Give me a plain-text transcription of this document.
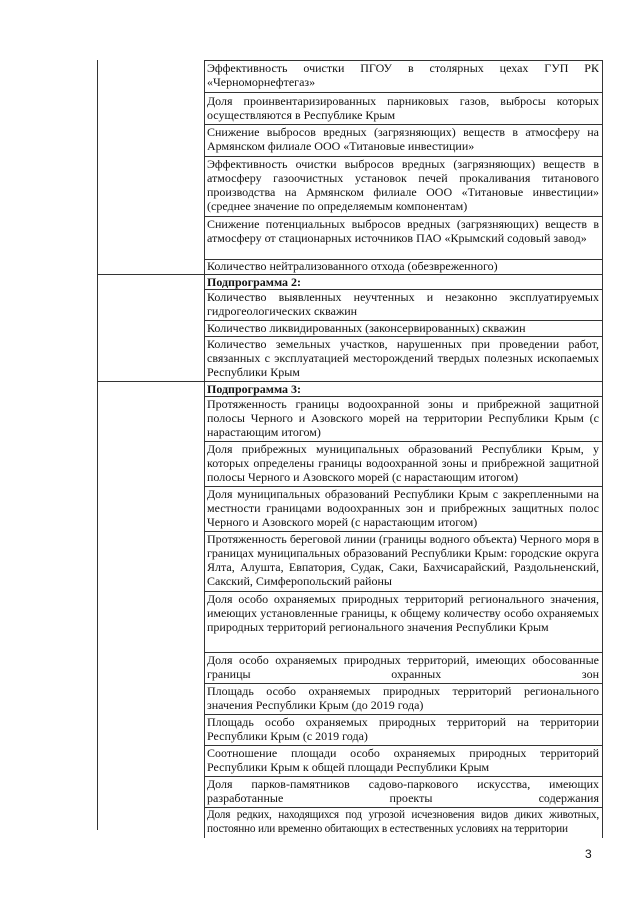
Эффективность очистки ПГОУ в столярных цехах ГУП РК «Черноморнефтегаз»
Доля проинвентаризированных парниковых газов, выбросы которых осуществляются в Республике Крым
Снижение выбросов вредных (загрязняющих) веществ в атмосферу на Армянском филиале ООО «Титановые инвестиции»
Эффективность очистки выбросов вредных (загрязняющих) веществ в атмосферу газоочистных установок печей прокаливания титанового производства на Армянском филиале ООО «Титановые инвестиции» (среднее значение по определяемым компонентам)
Снижение потенциальных выбросов вредных (загрязняющих) веществ в атмосферу от стационарных источников ПАО «Крымский содовый завод»
Количество нейтрализованного отхода (обезвреженного)
Подпрограмма 2:
Количество выявленных неучтенных и незаконно эксплуатируемых гидрогеологических скважин
Количество ликвидированных (законсервированных) скважин
Количество земельных участков, нарушенных при проведении работ, связанных с эксплуатацией месторождений твердых полезных ископаемых Республики Крым
Подпрограмма 3:
Протяженность границы водоохранной зоны и прибрежной защитной полосы Черного и Азовского морей на территории Республики Крым (с нарастающим итогом)
Доля прибрежных муниципальных образований Республики Крым, у которых определены границы водоохранной зоны и прибрежной защитной полосы Черного и Азовского морей (с нарастающим итогом)
Доля муниципальных образований Республики Крым с закрепленными на местности границами водоохранных зон и прибрежных защитных полос Черного и Азовского морей (с нарастающим итогом)
Протяженность береговой линии (границы водного объекта) Черного моря в границах муниципальных образований Республики Крым: городские округа Ялта, Алушта, Евпатория, Судак, Саки, Бахчисарайский, Раздольненский, Сакский, Симферопольский районы
Доля особо охраняемых природных территорий регионального значения, имеющих установленные границы, к общему количеству особо охраняемых природных территорий регионального значения Республики Крым
Доля особо охраняемых природных территорий, имеющих обосованные границы охранных зон
Площадь особо охраняемых природных территорий регионального значения Республики Крым (до 2019 года)
Площадь особо охраняемых природных территорий на территории Республики Крым (с 2019 года)
Соотношение площади особо охраняемых природных территорий Республики Крым к общей площади Республики Крым
Доля парков-памятников садово-паркового искусства, имеющих разработанные проекты содержания
Доля редких, находящихся под угрозой исчезновения видов диких животных, постоянно или временно обитающих в естественных условиях на территории
3
